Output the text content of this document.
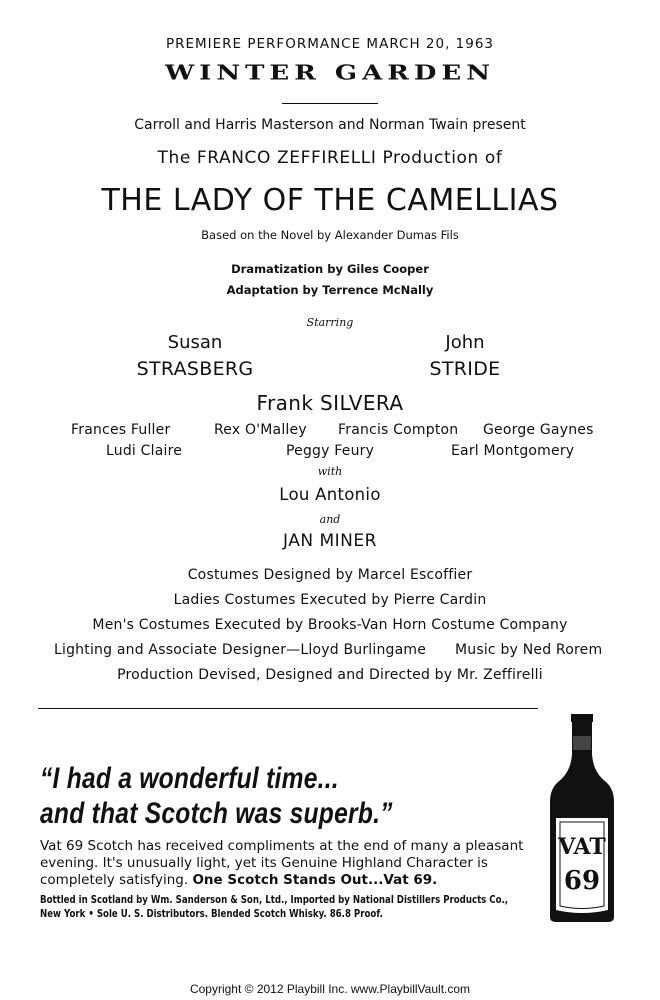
PREMIERE PERFORMANCE MARCH 20, 1963
WINTER GARDEN
Carroll and Harris Masterson and Norman Twain present
The FRANCO ZEFFIRELLI Production of
THE LADY OF THE CAMELLIAS
Based on the Novel by Alexander Dumas Fils
Dramatization by Giles Cooper
Adaptation by Terrence McNally
Starring
Susan
STRASBERG
John
STRIDE
Frank SILVERA
Frances Fuller	Rex O'Malley Francis Compton George Gaynes
Ludi Claire	Peggy Feury	Earl Montgomery
with
Lou Antonio
and
JAN MINER
Costumes Designed by Marcel Escoffier
Ladies Costumes Executed by Pierre Cardin
Men's Costumes Executed by Brooks-Van Horn Costume Company
Lighting and Associate Designer—Lloyd Burlingame Music by Ned Rorem
Production Devised, Designed and Directed by Mr. Zeffirelli
“I had a wonderful time...
and that Scotch was superb.”
Vat 69 Scotch has received compliments at the end of many a pleasant
evening. It's unusually light, yet its Genuine Highland Character is
completely satisfying. One Scotch Stands Out...Vat 69.
Bottled in Scotland by Wm. Sanderson & Son, Ltd., Imported by National Distillers Products Co.,
New York • Sole U. S. Distributors. Blended Scotch Whisky. 86.8 Proof.
VAT
69
Copyright © 2012 Playbill Inc. www.PlaybillVault.com
